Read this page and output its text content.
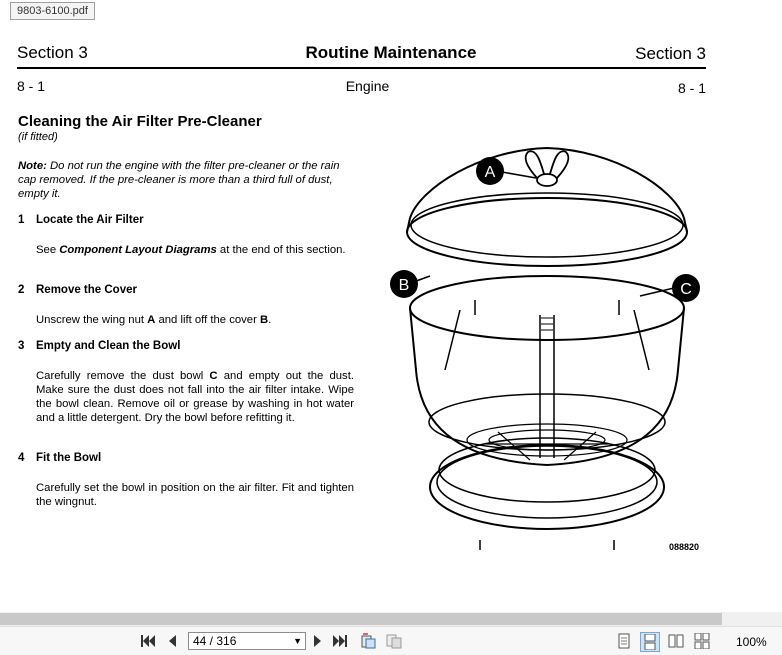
9803-6100.pdf
Section 3	Routine Maintenance	Section 3
8 - 1	Engine	8 - 1
Cleaning the Air Filter Pre-Cleaner
(if fitted)
Note: Do not run the engine with the filter pre-cleaner or the rain cap removed. If the pre-cleaner is more than a third full of dust, empty it.
1 Locate the Air Filter
See Component Layout Diagrams at the end of this section.
2 Remove the Cover
Unscrew the wing nut A and lift off the cover B.
3 Empty and Clean the Bowl
Carefully remove the dust bowl C and empty out the dust. Make sure the dust does not fall into the air filter intake. Wipe the bowl clean. Remove oil or grease by washing in hot water and a little detergent. Dry the bowl before refitting it.
4 Fit the Bowl
Carefully set the bowl in position on the air filter. Fit and tighten the wingnut.
A
B	C
088820
44 / 316	▼	100%
